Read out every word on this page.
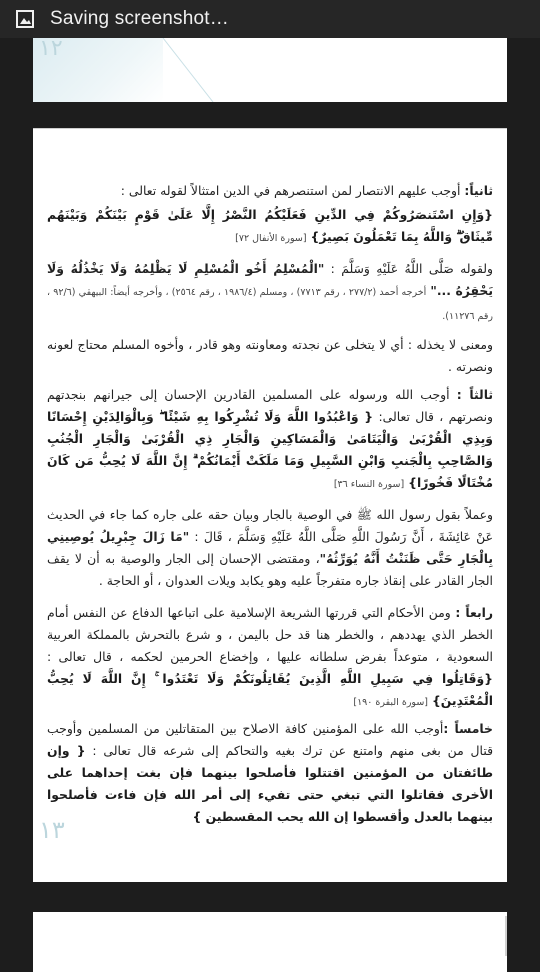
Saving screenshot…
١٢

ثانياً: أوجب عليهم الانتصار لمن استنصرهم في الدين امتثالاً لقوله تعالى :

{وَإِنِ اسْتَنصَرُوكُمْ فِي الدِّينِ فَعَلَيْكُمُ النَّصْرُ إِلَّا عَلَىٰ قَوْمٍ بَيْنَكُمْ وَبَيْنَهُم مِّيثَاقٌ ۗ وَاللَّهُ بِمَا تَعْمَلُونَ بَصِيرٌ} [سورة الأنفال ٧٢]

ولقوله صَلَّى اللَّهُ عَلَيْهِ وَسَلَّمَ : "الْمُسْلِمُ أَخُو الْمُسْلِمِ لَا يَظْلِمُهُ وَلَا يَخْذُلُهُ وَلَا يَحْقِرُهُ ..." أخرجه أحمد (٢٧٧/٢ ، رقم ٧٧١٣) ، ومسلم (١٩٨٦/٤ ، رقم ٢٥٦٤) ، وأخرجه أيضاً: البيهقي (٩٢/٦ ، رقم ١١٢٧٦).

ومعنى لا يخذله : أي لا يتخلى عن نجدته ومعاونته وهو قادر ، وأخوه المسلم محتاج لعونه ونصرته .

ثالثاً : أوجب الله ورسوله على المسلمين القادرين الإحسان إلى جيرانهم بنجدتهم ونصرتهم ، قال تعالى: { وَاعْبُدُوا اللَّهَ وَلَا تُشْرِكُوا بِهِ شَيْئًا ۖ وَبِالْوَالِدَيْنِ إِحْسَانًا وَبِذِي الْقُرْبَىٰ وَالْيَتَامَىٰ وَالْمَسَاكِينِ وَالْجَارِ ذِي الْقُرْبَىٰ وَالْجَارِ الْجُنُبِ وَالصَّاحِبِ بِالْجَنبِ وَابْنِ السَّبِيلِ وَمَا مَلَكَتْ أَيْمَانُكُمْ ۗ إِنَّ اللَّهَ لَا يُحِبُّ مَن كَانَ مُخْتَالًا فَخُورًا} [سورة النساء ٣٦]

وعملاً بقول رسول الله ﷺ في الوصية بالجار وبيان حقه على جاره كما جاء في الحديث عَنْ عَائِشَةَ ، أَنَّ رَسُولَ اللَّهِ صَلَّى اللَّهُ عَلَيْهِ وَسَلَّمَ ، قَالَ : "مَا زَالَ جِبْرِيلُ يُوصِينِي بِالْجَارِ حَتَّى ظَنَنْتُ أَنَّهُ يُوَرِّثُهُ"، ومقتضى الإحسان إلى الجار والوصية به أن لا يقف الجار القادر على إنقاذ جاره متفرجاً عليه وهو يكابد ويلات العدوان ، أو الحاجة .

رابعاً : ومن الأحكام التي قررتها الشريعة الإسلامية على اتباعها الدفاع عن النفس أمام الخطر الذي يهددهم ، والخطر هنا قد حل باليمن ، و شرع بالتحرش بالمملكة العربية السعودية ، متوعداً بفرض سلطانه عليها ، وإخضاع الحرمين لحكمه ، قال تعالى : {وَقَاتِلُوا فِي سَبِيلِ اللَّهِ الَّذِينَ يُقَاتِلُونَكُمْ وَلَا تَعْتَدُوا ۚ إِنَّ اللَّهَ لَا يُحِبُّ الْمُعْتَدِينَ} [سورة البقرة ١٩٠]

خامساً :أوجب الله على المؤمنين كافة الاصلاح بين المتقاتلين من المسلمين وأوجب قتال من بغى منهم وامتنع عن ترك بغيه والتحاكم إلى شرعه قال تعالى : { وإن طائفتان من المؤمنين اقتتلوا فأصلحوا بينهما فإن بغت إحداهما على الأخرى فقاتلوا التي تبغي حتى تفيء إلى أمر الله فإن فاءت فأصلحوا بينهما بالعدل وأقسطوا إن الله يحب المقسطين }

١٣
